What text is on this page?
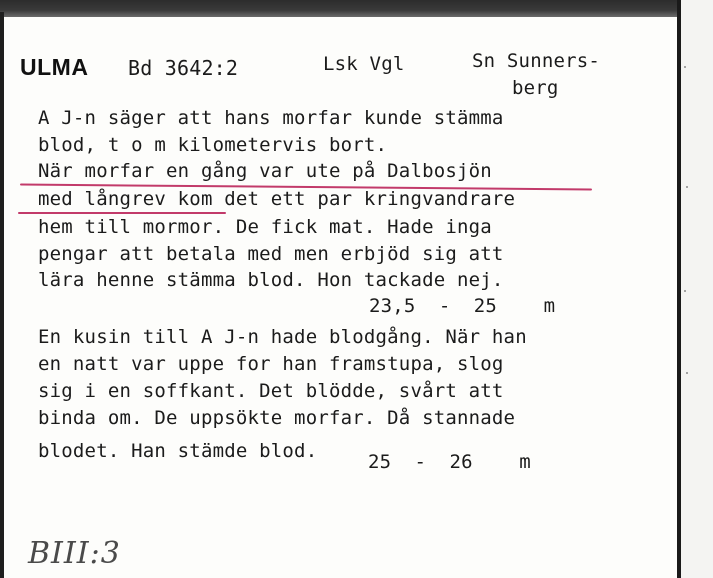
ULMA Bd 3642:2	Lsk Vgl	Sn Sunners-
berg
A J-n säger att hans morfar kunde stämma
blod, t o m kilometervis bort.
När morfar en gång var ute på Dalbosjön
med långrev kom det ett par kringvandrare
hem till mormor. De fick mat. Hade inga
pengar att betala med men erbjöd sig att
lära henne stämma blod. Hon tackade nej.
23,5  -  25    m
En kusin till A J-n hade blodgång. När han
en natt var uppe for han framstupa, slog
sig i en soffkant. Det blödde, svårt att
binda om. De uppsökte morfar. Då stannade
blodet. Han stämde blod.	25  -  26    m
BIII:3
